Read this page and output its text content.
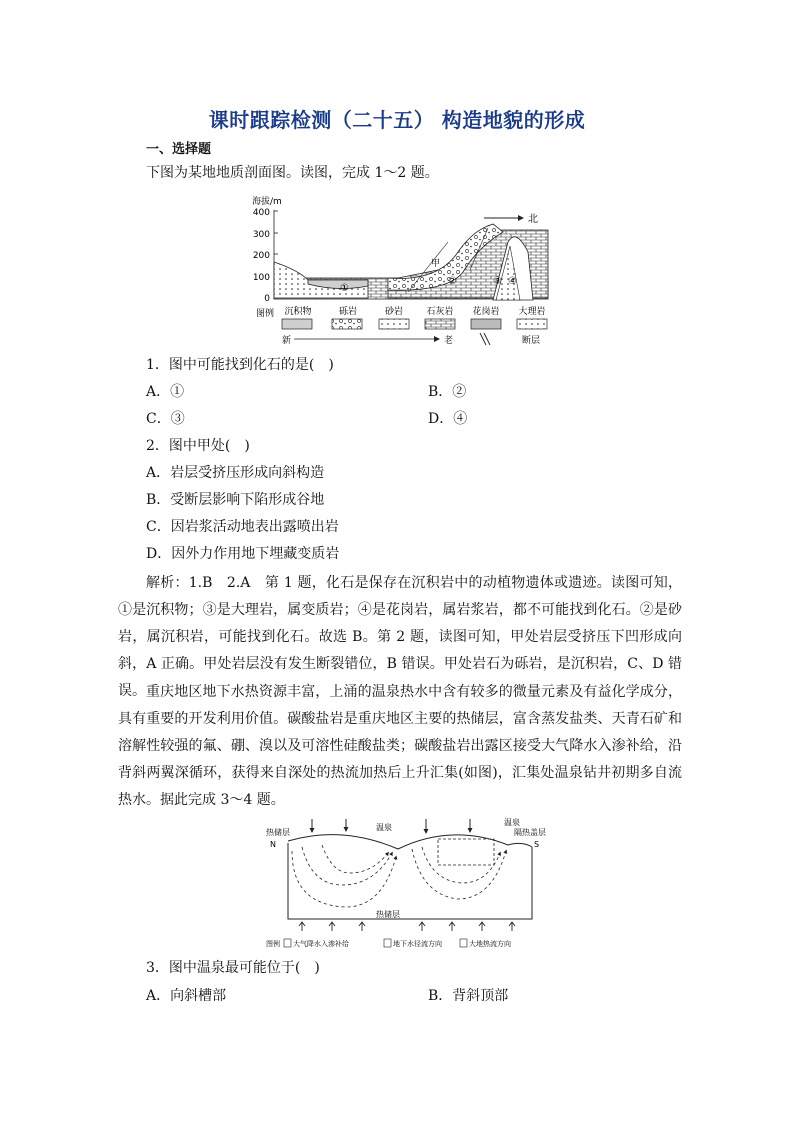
课时跟踪检测（二十五） 构造地貌的形成
一、选择题
下图为某地地质剖面图。读图，完成 1～2 题。
海拔/m
400
300
200
100
0
北
甲
①
②	③ ④
图例 沉积物	砾岩	砂岩	石灰岩 花岗岩 大理岩
新	老	断层
1．图中可能找到化石的是(　)
A．①	B．②
C．③	D．④
2．图中甲处(　)
A．岩层受挤压形成向斜构造
B．受断层影响下陷形成谷地
C．因岩浆活动地表出露喷出岩
D．因外力作用地下埋藏变质岩
解析：1.B　2.A　第 1 题，化石是保存在沉积岩中的动植物遗体或遗迹。读图可知，①是沉积物；③是大理岩，属变质岩；④是花岗岩，属岩浆岩，都不可能找到化石。②是砂岩，属沉积岩，可能找到化石。故选 B。第 2 题，读图可知，甲处岩层受挤压下凹形成向斜，A 正确。甲处岩层没有发生断裂错位，B 错误。甲处岩石为砾岩，是沉积岩，C、D 错误。 重庆地区地下水热资源丰富，上涌的温泉热水中含有较多的微量元素及有益化学成分，具有重要的开发利用价值。碳酸盐岩是重庆地区主要的热储层，富含蒸发盐类、天青石矿和溶解性较强的氟、硼、溴以及可溶性硅酸盐类；碳酸盐岩出露区接受大气降水入渗补给，沿背斜两翼深循环，获得来自深处的热流加热后上升汇集(如图)，汇集处温泉钻井初期多自流热水。据此完成 3～4 题。
热储层
N
温泉
温泉
隔热盖层
S
热储层
图例 大气降水入渗补给	地下水径流方向	大地热流方向
3．图中温泉最可能位于(　)
A．向斜槽部	B．背斜顶部
